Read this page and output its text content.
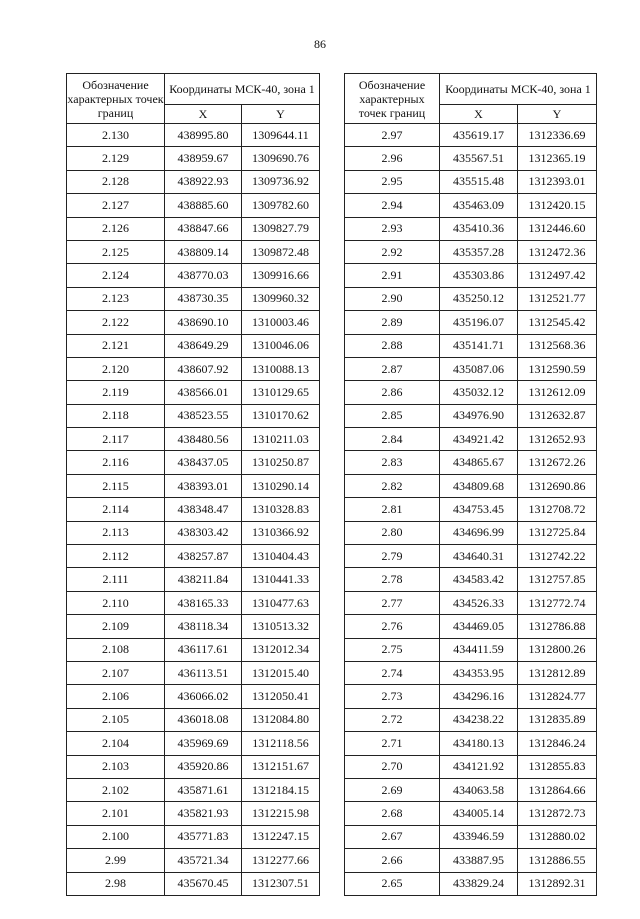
86
Обозначение характерных точек границ	Координаты МСК-40, зона 1	
	X	Y
2.130	438995.80	1309644.11
2.129	438959.67	1309690.76
2.128	438922.93	1309736.92
2.127	438885.60	1309782.60
2.126	438847.66	1309827.79
2.125	438809.14	1309872.48
2.124	438770.03	1309916.66
2.123	438730.35	1309960.32
2.122	438690.10	1310003.46
2.121	438649.29	1310046.06
2.120	438607.92	1310088.13
2.119	438566.01	1310129.65
2.118	438523.55	1310170.62
2.117	438480.56	1310211.03
2.116	438437.05	1310250.87
2.115	438393.01	1310290.14
2.114	438348.47	1310328.83
2.113	438303.42	1310366.92
2.112	438257.87	1310404.43
2.111	438211.84	1310441.33
2.110	438165.33	1310477.63
2.109	438118.34	1310513.32
2.108	436117.61	1312012.34
2.107	436113.51	1312015.40
2.106	436066.02	1312050.41
2.105	436018.08	1312084.80
2.104	435969.69	1312118.56
2.103	435920.86	1312151.67
2.102	435871.61	1312184.15
2.101	435821.93	1312215.98
2.100	435771.83	1312247.15
2.99	435721.34	1312277.66
2.98	435670.45	1312307.51
Обозначение характерных точек границ	Координаты МСК-40, зона 1	
	X	Y
2.97	435619.17	1312336.69
2.96	435567.51	1312365.19
2.95	435515.48	1312393.01
2.94	435463.09	1312420.15
2.93	435410.36	1312446.60
2.92	435357.28	1312472.36
2.91	435303.86	1312497.42
2.90	435250.12	1312521.77
2.89	435196.07	1312545.42
2.88	435141.71	1312568.36
2.87	435087.06	1312590.59
2.86	435032.12	1312612.09
2.85	434976.90	1312632.87
2.84	434921.42	1312652.93
2.83	434865.67	1312672.26
2.82	434809.68	1312690.86
2.81	434753.45	1312708.72
2.80	434696.99	1312725.84
2.79	434640.31	1312742.22
2.78	434583.42	1312757.85
2.77	434526.33	1312772.74
2.76	434469.05	1312786.88
2.75	434411.59	1312800.26
2.74	434353.95	1312812.89
2.73	434296.16	1312824.77
2.72	434238.22	1312835.89
2.71	434180.13	1312846.24
2.70	434121.92	1312855.83
2.69	434063.58	1312864.66
2.68	434005.14	1312872.73
2.67	433946.59	1312880.02
2.66	433887.95	1312886.55
2.65	433829.24	1312892.31
